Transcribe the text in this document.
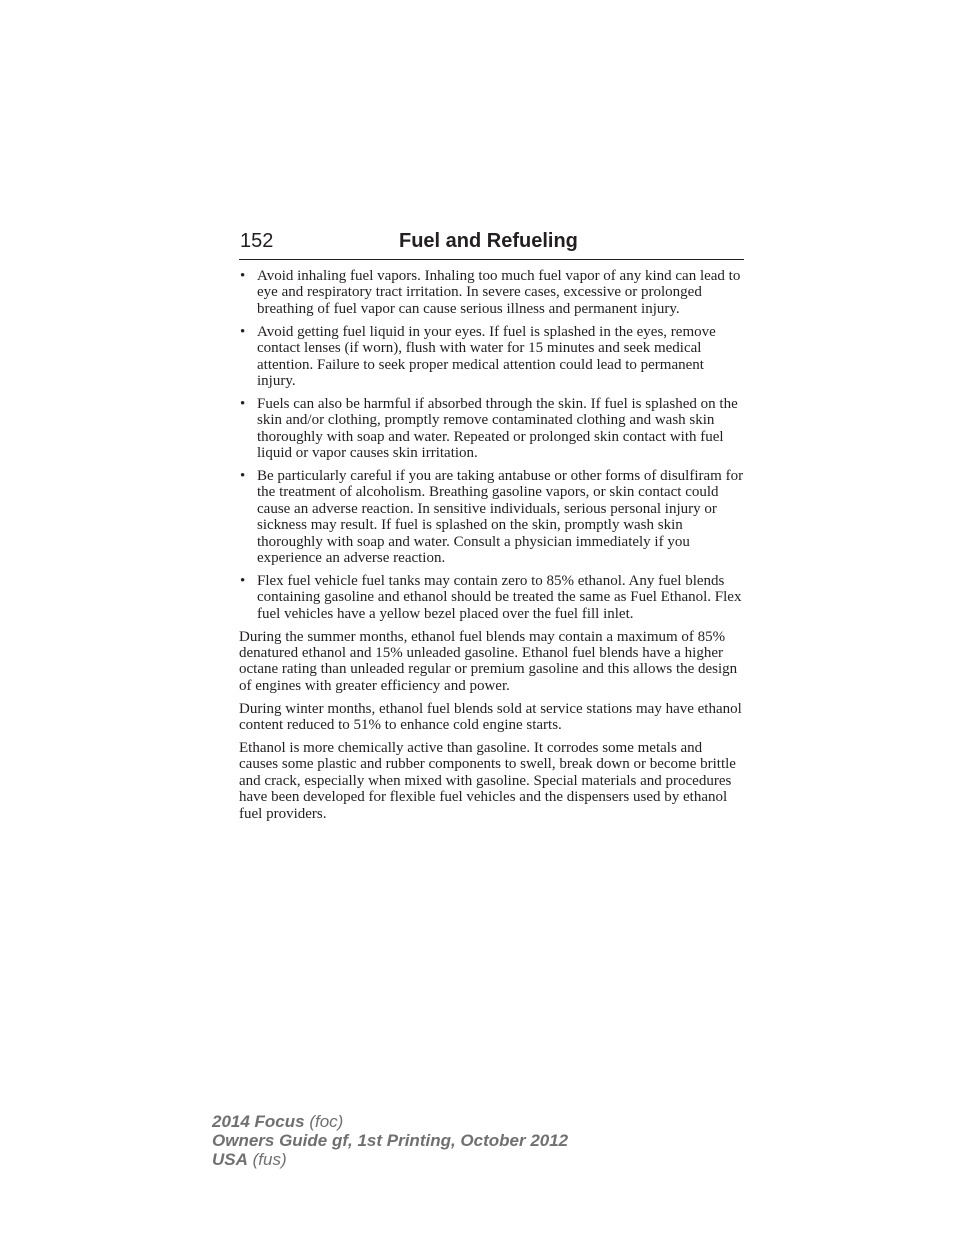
152	Fuel and Refueling
• Avoid inhaling fuel vapors. Inhaling too much fuel vapor of any kind can lead to eye and respiratory tract irritation. In severe cases, excessive or prolonged breathing of fuel vapor can cause serious illness and permanent injury.
• Avoid getting fuel liquid in your eyes. If fuel is splashed in the eyes, remove contact lenses (if worn), flush with water for 15 minutes and seek medical attention. Failure to seek proper medical attention could lead to permanent injury.
• Fuels can also be harmful if absorbed through the skin. If fuel is splashed on the skin and/or clothing, promptly remove contaminated clothing and wash skin thoroughly with soap and water. Repeated or prolonged skin contact with fuel liquid or vapor causes skin irritation.
• Be particularly careful if you are taking antabuse or other forms of disulfiram for the treatment of alcoholism. Breathing gasoline vapors, or skin contact could cause an adverse reaction. In sensitive individuals, serious personal injury or sickness may result. If fuel is splashed on the skin, promptly wash skin thoroughly with soap and water. Consult a physician immediately if you experience an adverse reaction.
• Flex fuel vehicle fuel tanks may contain zero to 85% ethanol. Any fuel blends containing gasoline and ethanol should be treated the same as Fuel Ethanol. Flex fuel vehicles have a yellow bezel placed over the fuel fill inlet.

During the summer months, ethanol fuel blends may contain a maximum of 85% denatured ethanol and 15% unleaded gasoline. Ethanol fuel blends have a higher octane rating than unleaded regular or premium gasoline and this allows the design of engines with greater efficiency and power.

During winter months, ethanol fuel blends sold at service stations may have ethanol content reduced to 51% to enhance cold engine starts.

Ethanol is more chemically active than gasoline. It corrodes some metals and causes some plastic and rubber components to swell, break down or become brittle and crack, especially when mixed with gasoline. Special materials and procedures have been developed for flexible fuel vehicles and the dispensers used by ethanol fuel providers.

2014 Focus (foc)
Owners Guide gf, 1st Printing, October 2012
USA (fus)
